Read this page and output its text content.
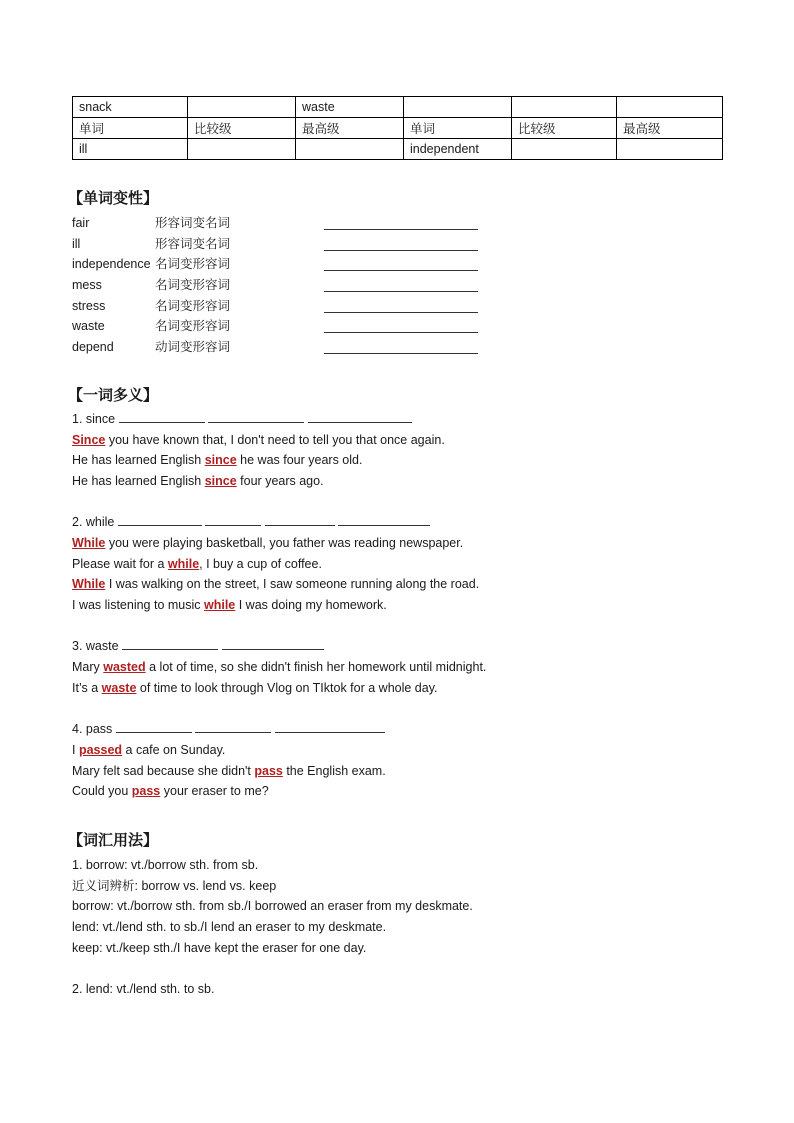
snack		waste			
单词	比较级	最高级	单词	比较级	最高级
ill			independent		
【单词变性】
fair	形容词变名词
ill	形容词变名词
independence 名词变形容词
mess	名词变形容词
stress	名词变形容词
waste	名词变形容词
depend	动词变形容词
【一词多义】
1. since
Since you have known that, I don't need to tell you that once again.
He has learned English since he was four years old.
He has learned English since four years ago.
2. while
While you were playing basketball, you father was reading newspaper.
Please wait for a while, I buy a cup of coffee.
While I was walking on the street, I saw someone running along the road.
I was listening to music while I was doing my homework.
3. waste
Mary wasted a lot of time, so she didn't finish her homework until midnight.
It’s a waste of time to look through Vlog on TIktok for a whole day.
4. pass
I passed a cafe on Sunday.
Mary felt sad because she didn't pass the English exam.
Could you pass your eraser to me?
【词汇用法】
1. borrow: vt./borrow sth. from sb.
近义词辨析: borrow vs. lend vs. keep
borrow: vt./borrow sth. from sb./I borrowed an eraser from my deskmate.
lend: vt./lend sth. to sb./I lend an eraser to my deskmate.
keep: vt./keep sth./I have kept the eraser for one day.
2. lend: vt./lend sth. to sb.
